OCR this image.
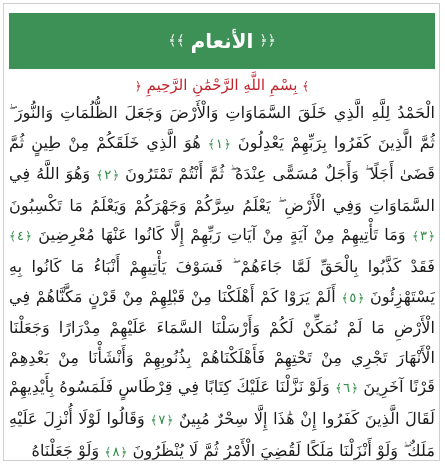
﴾﴾ الأنعام ﴿﴿
﴾ بِسْمِ اللَّهِ الرَّحْمَٰنِ الرَّحِيمِ ﴿
الْحَمْدُ لِلَّهِ الَّذِي خَلَقَ السَّمَاوَاتِ وَالْأَرْضَ وَجَعَلَ الظُّلُمَاتِ وَالنُّورَ ۖ ثُمَّ الَّذِينَ كَفَرُوا بِرَبِّهِمْ يَعْدِلُونَ ﴿١﴾ هُوَ الَّذِي خَلَقَكُمْ مِنْ طِينٍ ثُمَّ قَضَىٰ أَجَلًا ۖ وَأَجَلٌ مُسَمًّى عِنْدَهُ ۖ ثُمَّ أَنْتُمْ تَمْتَرُونَ ﴿٢﴾ وَهُوَ اللَّهُ فِي السَّمَاوَاتِ وَفِي الْأَرْضِ ۖ يَعْلَمُ سِرَّكُمْ وَجَهْرَكُمْ وَيَعْلَمُ مَا تَكْسِبُونَ ﴿٣﴾ وَمَا تَأْتِيهِمْ مِنْ آيَةٍ مِنْ آيَاتِ رَبِّهِمْ إِلَّا كَانُوا عَنْهَا مُعْرِضِينَ ﴿٤﴾ فَقَدْ كَذَّبُوا بِالْحَقِّ لَمَّا جَاءَهُمْ ۖ فَسَوْفَ يَأْتِيهِمْ أَنْبَاءُ مَا كَانُوا بِهِ يَسْتَهْزِئُونَ ﴿٥﴾ أَلَمْ يَرَوْا كَمْ أَهْلَكْنَا مِنْ قَبْلِهِمْ مِنْ قَرْنٍ مَكَّنَّاهُمْ فِي الْأَرْضِ مَا لَمْ نُمَكِّنْ لَكُمْ وَأَرْسَلْنَا السَّمَاءَ عَلَيْهِمْ مِدْرَارًا وَجَعَلْنَا الْأَنْهَارَ تَجْرِي مِنْ تَحْتِهِمْ فَأَهْلَكْنَاهُمْ بِذُنُوبِهِمْ وَأَنْشَأْنَا مِنْ بَعْدِهِمْ قَرْنًا آخَرِينَ ﴿٦﴾ وَلَوْ نَزَّلْنَا عَلَيْكَ كِتَابًا فِي قِرْطَاسٍ فَلَمَسُوهُ بِأَيْدِيهِمْ لَقَالَ الَّذِينَ كَفَرُوا إِنْ هَٰذَا إِلَّا سِحْرٌ مُبِينٌ ﴿٧﴾ وَقَالُوا لَوْلَا أُنْزِلَ عَلَيْهِ مَلَكٌ ۖ وَلَوْ أَنْزَلْنَا مَلَكًا لَقُضِيَ الْأَمْرُ ثُمَّ لَا يُنْظَرُونَ ﴿٨﴾ وَلَوْ جَعَلْنَاهُ
